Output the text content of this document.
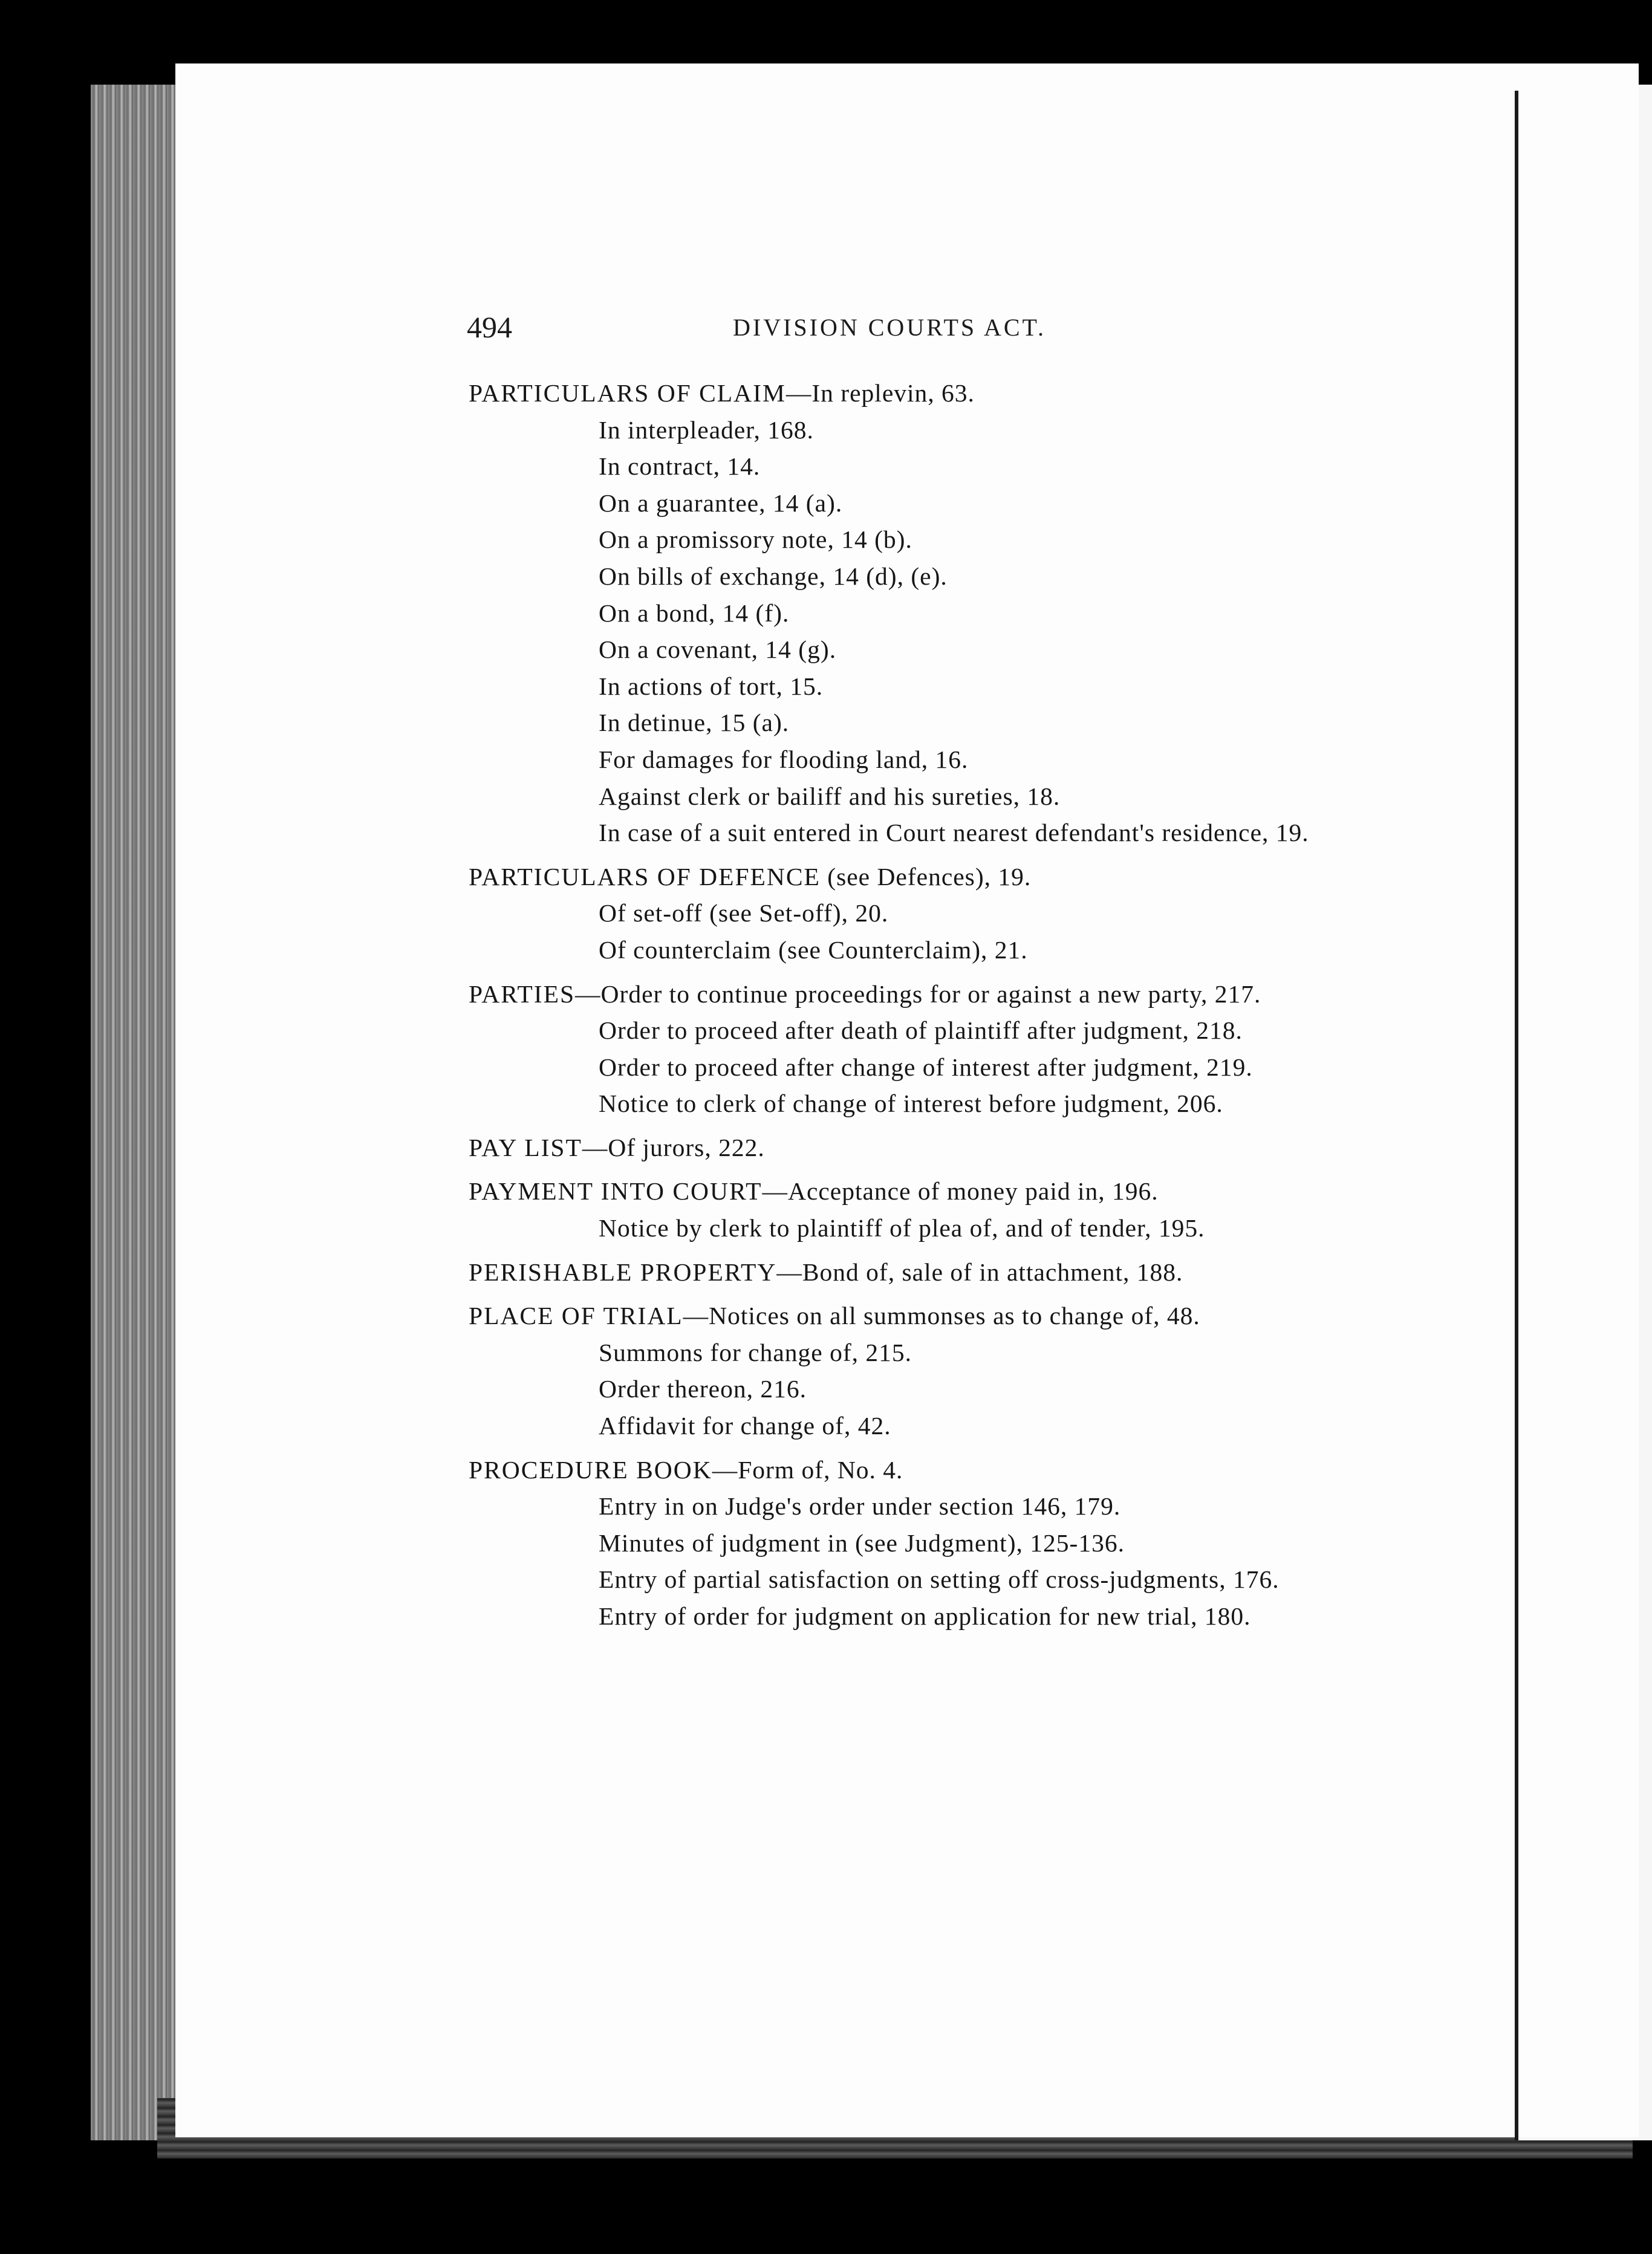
494	DIVISION COURTS ACT.
PARTICULARS OF CLAIM—In replevin, 63.
In interpleader, 168.
In contract, 14.
On a guarantee, 14 (a).
On a promissory note, 14 (b).
On bills of exchange, 14 (d), (e).
On a bond, 14 (f).
On a covenant, 14 (g).
In actions of tort, 15.
In detinue, 15 (a).
For damages for flooding land, 16.
Against clerk or bailiff and his sureties, 18.
In case of a suit entered in Court nearest defendant's residence, 19.
PARTICULARS OF DEFENCE (see Defences), 19.
Of set-off (see Set-off), 20.
Of counterclaim (see Counterclaim), 21.
PARTIES—Order to continue proceedings for or against a new party, 217.
Order to proceed after death of plaintiff after judgment, 218.
Order to proceed after change of interest after judgment, 219.
Notice to clerk of change of interest before judgment, 206.
PAY LIST—Of jurors, 222.
PAYMENT INTO COURT—Acceptance of money paid in, 196.
Notice by clerk to plaintiff of plea of, and of tender, 195.
PERISHABLE PROPERTY—Bond of, sale of in attachment, 188.
PLACE OF TRIAL—Notices on all summonses as to change of, 48.
Summons for change of, 215.
Order thereon, 216.
Affidavit for change of, 42.
PROCEDURE BOOK—Form of, No. 4.
Entry in on Judge's order under section 146, 179.
Minutes of judgment in (see Judgment), 125-136.
Entry of partial satisfaction on setting off cross-judgments, 176.
Entry of order for judgment on application for new trial, 180.
